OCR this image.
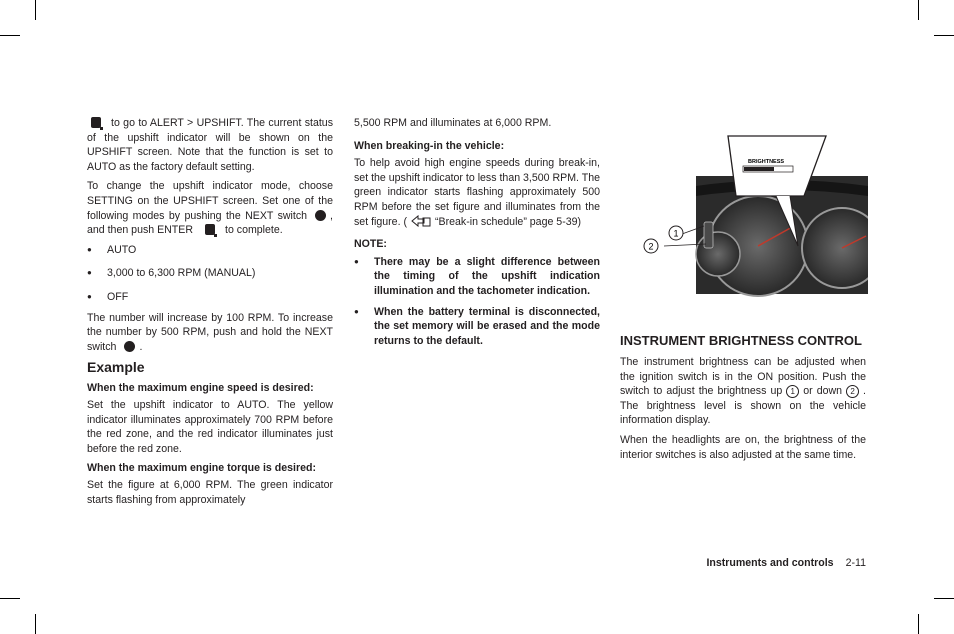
to go to ALERT > UPSHIFT. The current status of the upshift indicator will be shown on the UPSHIFT screen. Note that the function is set to AUTO as the factory default setting.

To change the upshift indicator mode, choose SETTING on the UPSHIFT screen. Set one of the following modes by pushing the NEXT switch , and then push ENTER	to complete.

● AUTO
● 3,000 to 6,300 RPM (MANUAL)
● OFF

The number will increase by 100 RPM. To increase the number by 500 RPM, push and hold the NEXT switch .

Example
When the maximum engine speed is desired:

Set the upshift indicator to AUTO. The yellow indicator illuminates approximately 700 RPM before the red zone, and the red indicator illuminates just before the red zone.

When the maximum engine torque is desired:

Set the figure at 6,000 RPM. The green indicator starts flashing from approximately

5,500 RPM and illuminates at 6,000 RPM.

When breaking-in the vehicle:

To help avoid high engine speeds during break-in, set the upshift indicator to less than 3,500 RPM. The green indicator starts flashing approximately 500 RPM before the set figure and illuminates from the set figure. (	“Break-in schedule” page 5-39)

NOTE:
● There may be a slight difference between the timing of the upshift indication illumination and the tachometer indication.
● When the battery terminal is disconnected, the set memory will be erased and the mode returns to the default.
BRIGHTNESS
1
2
INSTRUMENT BRIGHTNESS CONTROL

The instrument brightness can be adjusted when the ignition switch is in the ON position. Push the switch to adjust the brightness up 1 or down 2 . The brightness level is shown on the vehicle information display.

When the headlights are on, the brightness of the interior switches is also adjusted at the same time.

Instruments and controls 2-11
